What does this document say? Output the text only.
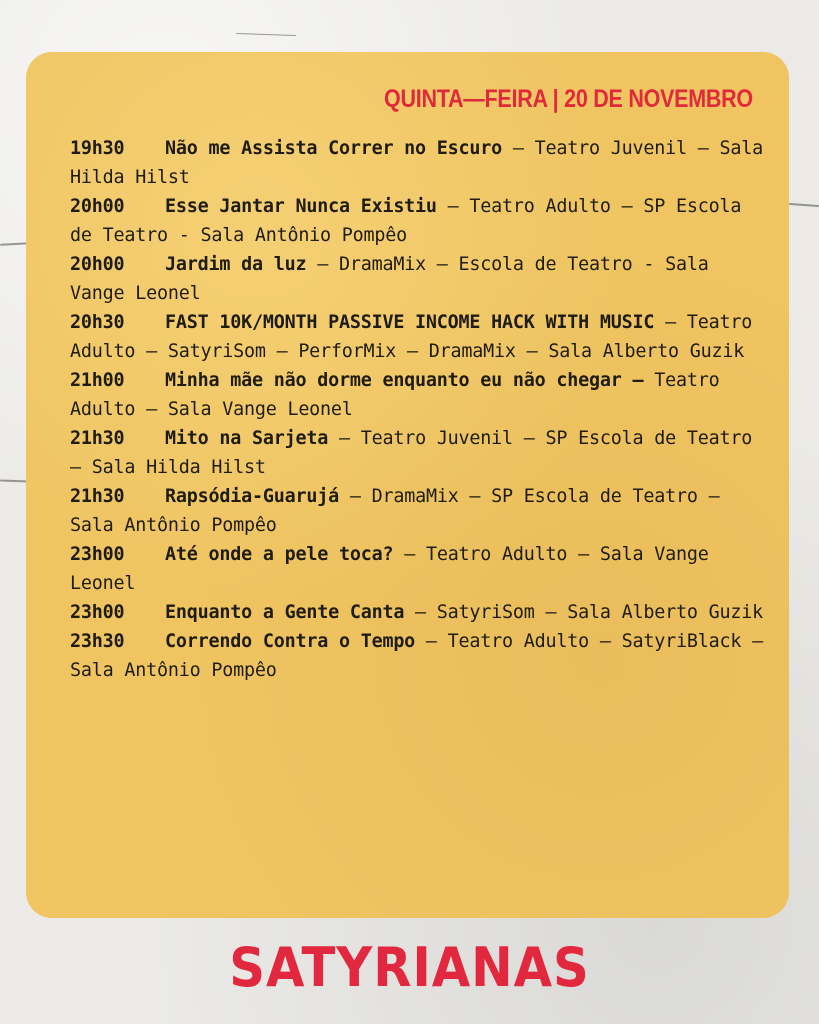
QUINTA—FEIRA | 20 DE NOVEMBRO
19h30 Não me Assista Correr no Escuro – Teatro Juvenil – Sala Hilda Hilst
20h00 Esse Jantar Nunca Existiu – Teatro Adulto – SP Escola de Teatro - Sala Antônio Pompêo
20h00 Jardim da luz – DramaMix – Escola de Teatro - Sala Vange Leonel
20h30 FAST 10K/MONTH PASSIVE INCOME HACK WITH MUSIC – Teatro Adulto – SatyriSom – PerforMix – DramaMix – Sala Alberto Guzik
21h00 Minha mãe não dorme enquanto eu não chegar – Teatro Adulto – Sala Vange Leonel
21h30 Mito na Sarjeta – Teatro Juvenil – SP Escola de Teatro – Sala Hilda Hilst
21h30 Rapsódia-Guarujá – DramaMix – SP Escola de Teatro – Sala Antônio Pompêo
23h00 Até onde a pele toca? – Teatro Adulto – Sala Vange Leonel
23h00 Enquanto a Gente Canta – SatyriSom – Sala Alberto Guzik
23h30 Correndo Contra o Tempo – Teatro Adulto – SatyriBlack – Sala Antônio Pompêo

SATYRIANAS
